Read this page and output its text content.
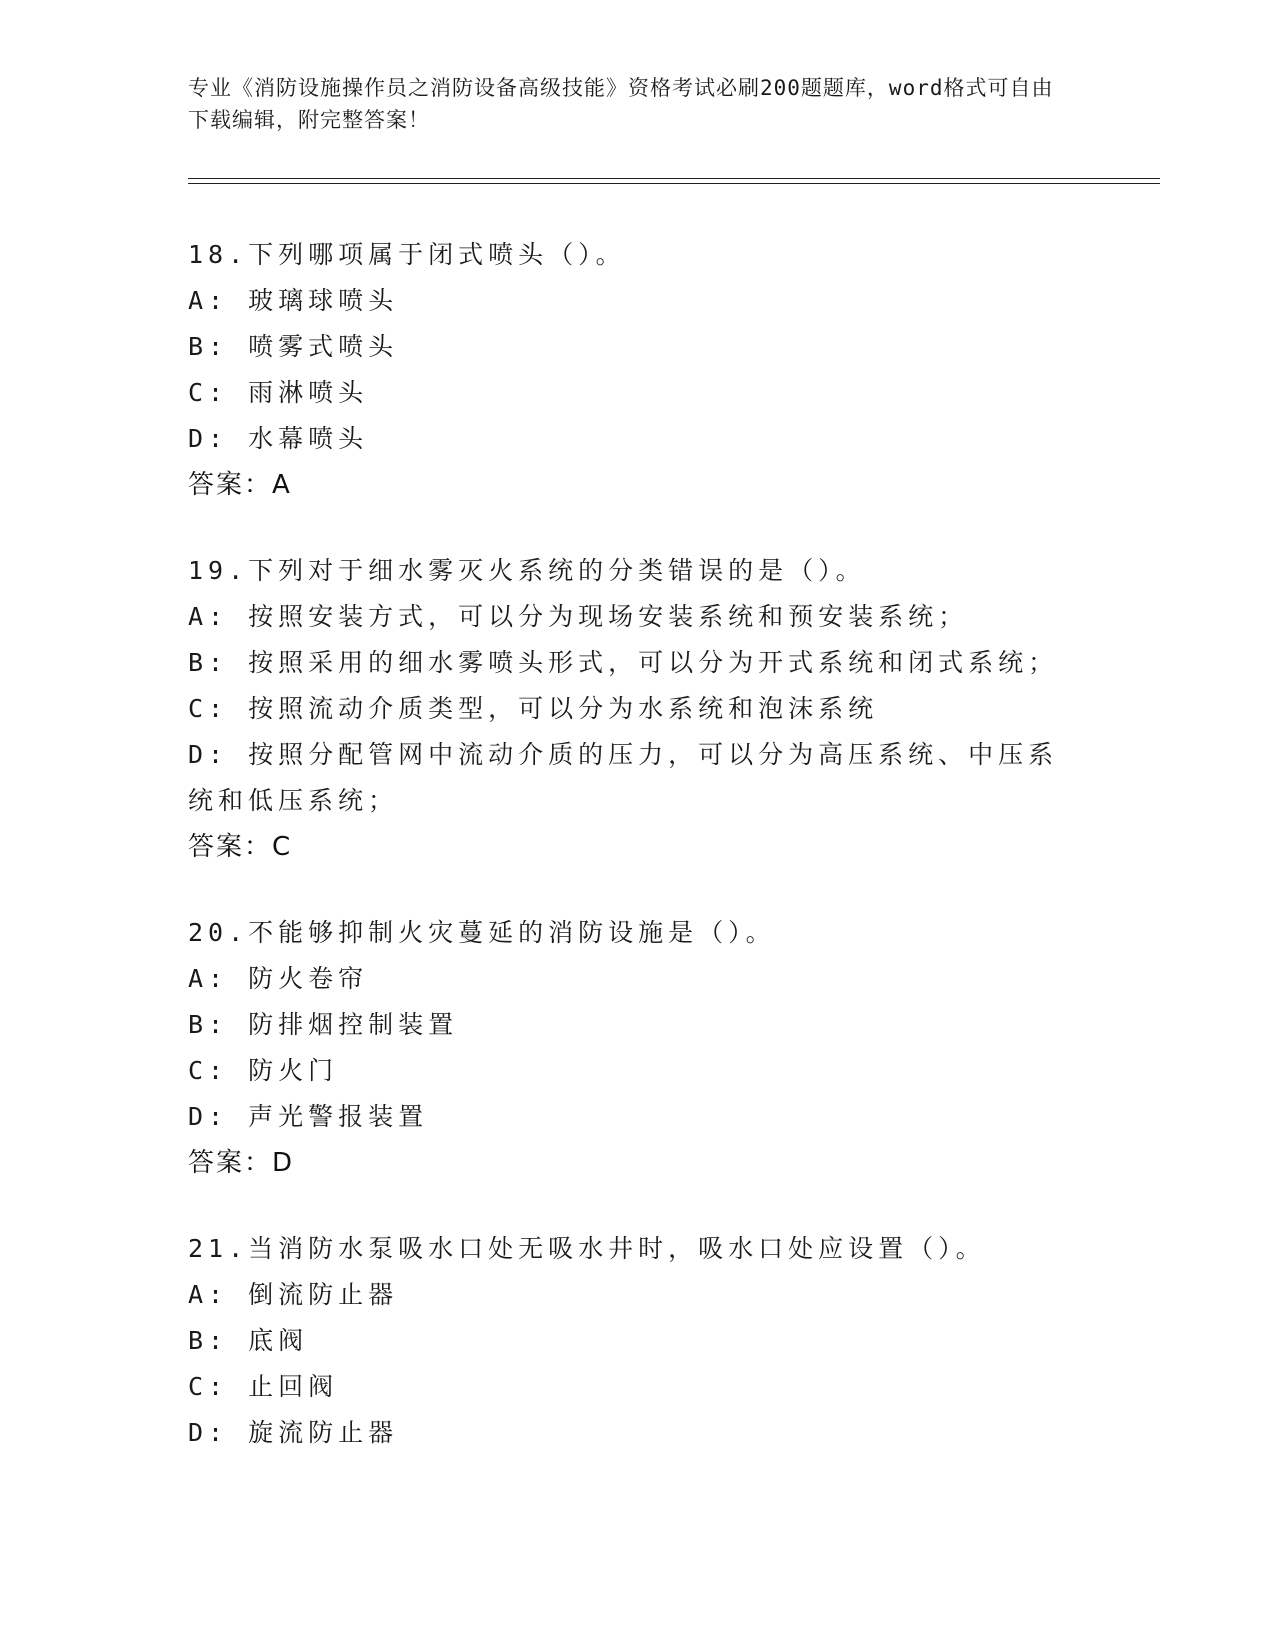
专业《消防设施操作员之消防设备高级技能》资格考试必刷200题题库，word格式可自由下载编辑，附完整答案！
18.下列哪项属于闭式喷头（）。
A: 玻璃球喷头
B: 喷雾式喷头
C: 雨淋喷头
D: 水幕喷头
答案：A
19.下列对于细水雾灭火系统的分类错误的是（）。
A: 按照安装方式，可以分为现场安装系统和预安装系统；
B: 按照采用的细水雾喷头形式，可以分为开式系统和闭式系统；
C: 按照流动介质类型，可以分为水系统和泡沫系统
D: 按照分配管网中流动介质的压力，可以分为高压系统、中压系统和低压系统；
答案：C
20.不能够抑制火灾蔓延的消防设施是（）。
A: 防火卷帘
B: 防排烟控制装置
C: 防火门
D: 声光警报装置
答案：D
21.当消防水泵吸水口处无吸水井时，吸水口处应设置（）。
A: 倒流防止器
B: 底阀
C: 止回阀
D: 旋流防止器
